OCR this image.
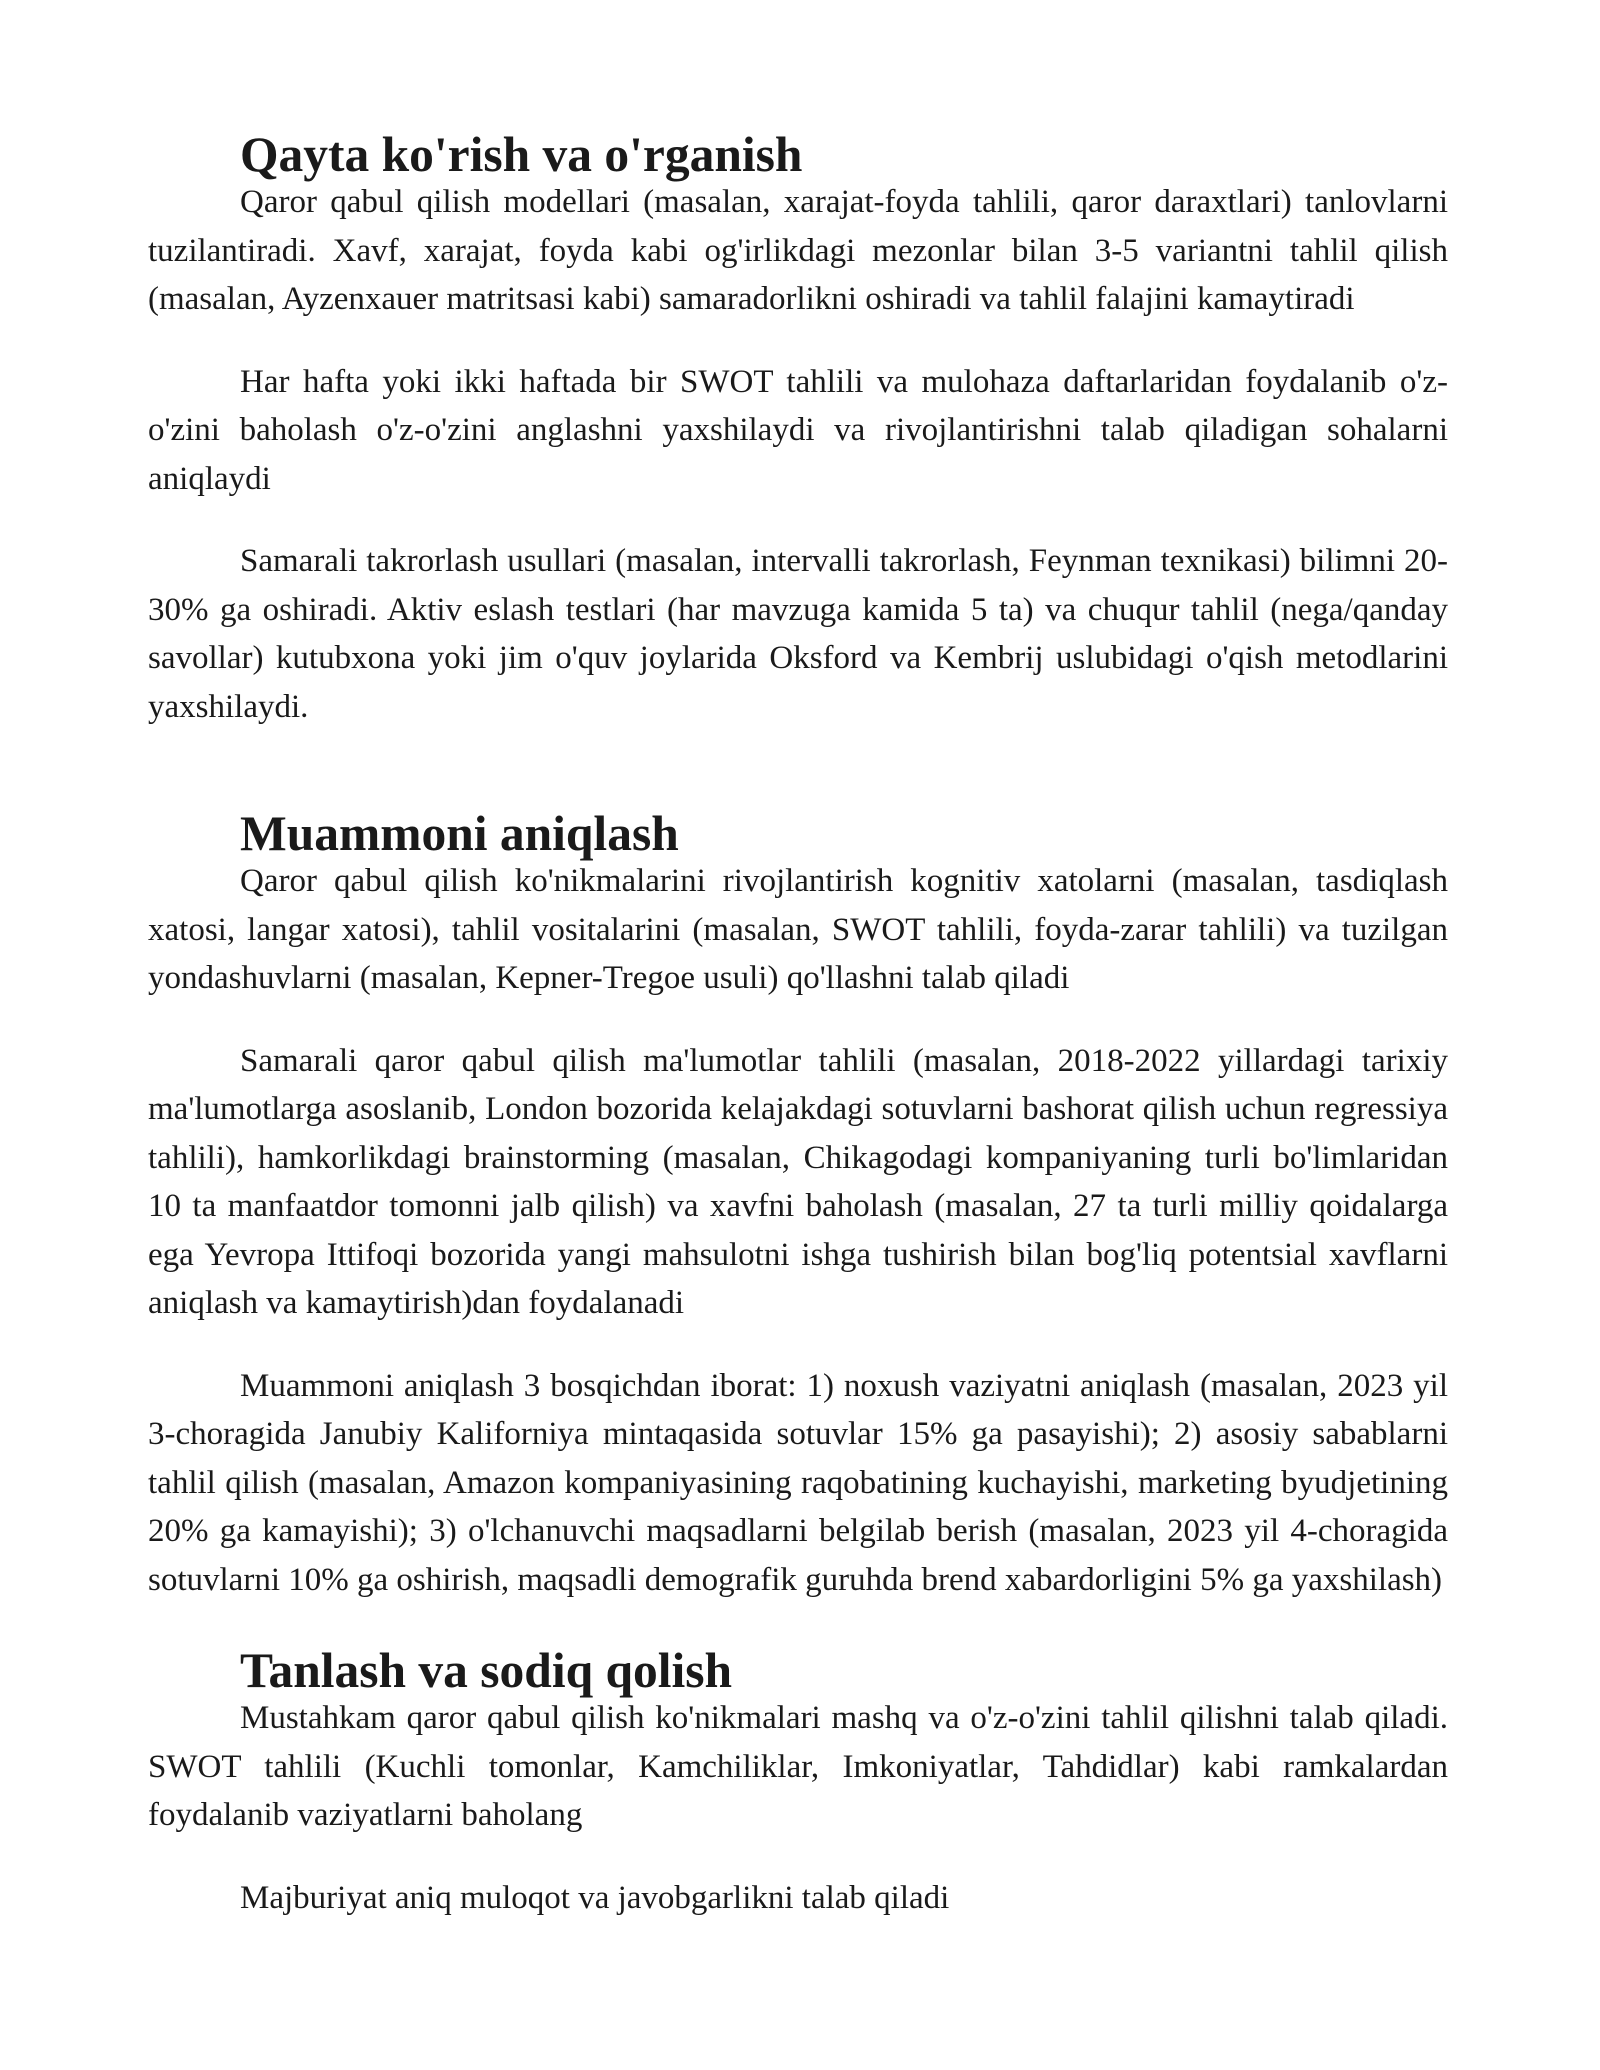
Qayta ko'rish va o'rganish

Qaror qabul qilish modellari (masalan, xarajat-foyda tahlili, qaror daraxtlari) tanlovlarni tuzilantiradi. Xavf, xarajat, foyda kabi og'irlikdagi mezonlar bilan 3-5 variantni tahlil qilish (masalan, Ayzenxauer matritsasi kabi) samaradorlikni oshiradi va tahlil falajini kamaytiradi

Har hafta yoki ikki haftada bir SWOT tahlili va mulohaza daftarlaridan foydalanib o'z-o'zini baholash o'z-o'zini anglashni yaxshilaydi va rivojlantirishni talab qiladigan sohalarni aniqlaydi

Samarali takrorlash usullari (masalan, intervalli takrorlash, Feynman texnikasi) bilimni 20-30% ga oshiradi. Aktiv eslash testlari (har mavzuga kamida 5 ta) va chuqur tahlil (nega/qanday savollar) kutubxona yoki jim o'quv joylarida Oksford va Kembrij uslubidagi o'qish metodlarini yaxshilaydi.

Muammoni aniqlash

Qaror qabul qilish ko'nikmalarini rivojlantirish kognitiv xatolarni (masalan, tasdiqlash xatosi, langar xatosi), tahlil vositalarini (masalan, SWOT tahlili, foyda-zarar tahlili) va tuzilgan yondashuvlarni (masalan, Kepner-Tregoe usuli) qo'llashni talab qiladi

Samarali qaror qabul qilish ma'lumotlar tahlili (masalan, 2018-2022 yillardagi tarixiy ma'lumotlarga asoslanib, London bozorida kelajakdagi sotuvlarni bashorat qilish uchun regressiya tahlili), hamkorlikdagi brainstorming (masalan, Chikagodagi kompaniyaning turli bo'limlaridan 10 ta manfaatdor tomonni jalb qilish) va xavfni baholash (masalan, 27 ta turli milliy qoidalarga ega Yevropa Ittifoqi bozorida yangi mahsulotni ishga tushirish bilan bog'liq potentsial xavflarni aniqlash va kamaytirish)dan foydalanadi

Muammoni aniqlash 3 bosqichdan iborat: 1) noxush vaziyatni aniqlash (masalan, 2023 yil 3-choragida Janubiy Kaliforniya mintaqasida sotuvlar 15% ga pasayishi); 2) asosiy sabablarni tahlil qilish (masalan, Amazon kompaniyasining raqobatining kuchayishi, marketing byudjetining 20% ga kamayishi); 3) o'lchanuvchi maqsadlarni belgilab berish (masalan, 2023 yil 4-choragida sotuvlarni 10% ga oshirish, maqsadli demografik guruhda brend xabardorligini 5% ga yaxshilash)

Tanlash va sodiq qolish

Mustahkam qaror qabul qilish ko'nikmalari mashq va o'z-o'zini tahlil qilishni talab qiladi. SWOT tahlili (Kuchli tomonlar, Kamchiliklar, Imkoniyatlar, Tahdidlar) kabi ramkalardan foydalanib vaziyatlarni baholang

Majburiyat aniq muloqot va javobgarlikni talab qiladi
